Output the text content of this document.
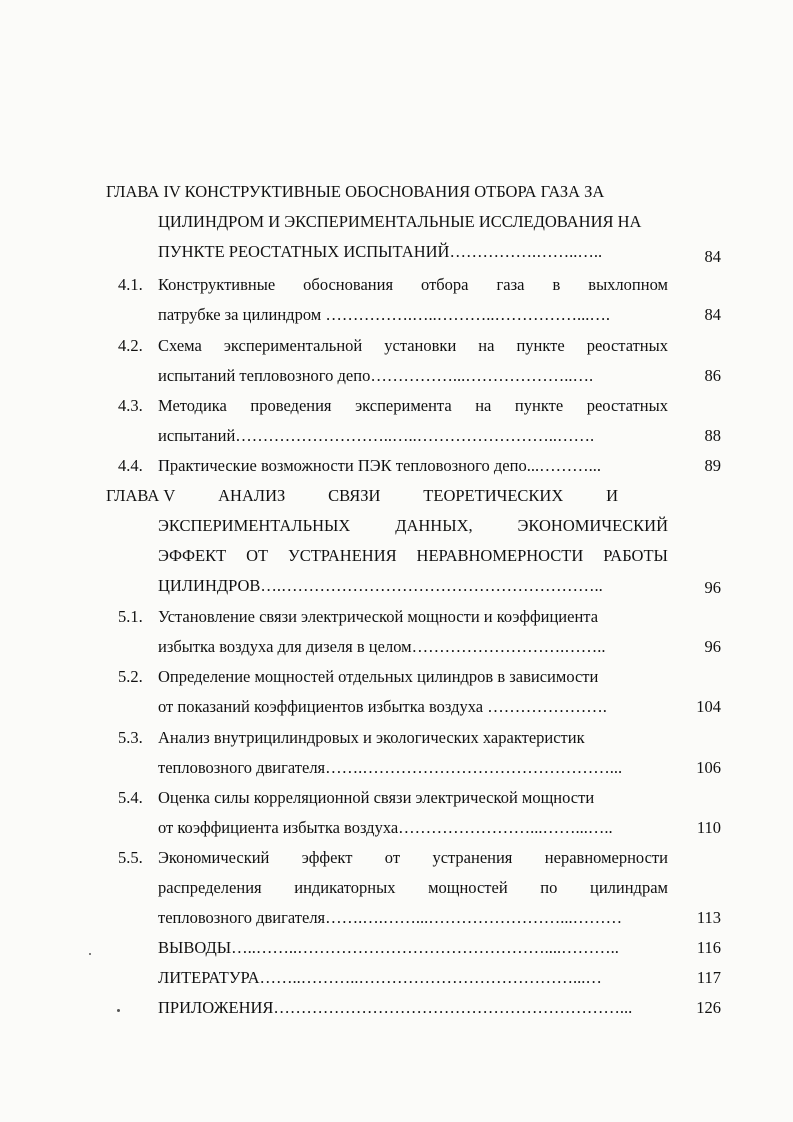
ГЛАВА IV КОНСТРУКТИВНЫЕ ОБОСНОВАНИЯ ОТБОРА ГАЗА ЗА
ЦИЛИНДРОМ И ЭКСПЕРИМЕНТАЛЬНЫЕ ИССЛЕДОВАНИЯ НА
ПУНКТЕ РЕОСТАТНЫХ ИСПЫТАНИЙ…………….……..…..	84
4.1. Конструктивные обоснования отбора газа в выхлопном
патрубке за цилиндром …………….…..………..……………...….	84
4.2. Схема экспериментальной установки на пункте реостатных
испытаний тепловозного депо……………...………………..….	86
4.3. Методика проведения эксперимента на пункте реостатных
испытаний………………………..…..……………………..…….	88
4.4. Практические возможности ПЭК тепловозного депо...………...	89
ГЛАВА V	АНАЛИЗ	СВЯЗИ	ТЕОРЕТИЧЕСКИХ	И
ЭКСПЕРИМЕНТАЛЬНЫХ	ДАННЫХ,	ЭКОНОМИЧЕСКИЙ
ЭФФЕКТ ОТ УСТРАНЕНИЯ НЕРАВНОМЕРНОСТИ РАБОТЫ
ЦИЛИНДРОВ….…………………………………………………..	96
5.1. Установление связи электрической мощности и коэффициента
избытка воздуха для дизеля в целом……………………….……..	96
5.2. Определение мощностей отдельных цилиндров в зависимости
от показаний коэффициентов избытка воздуха ………………….	104
5.3. Анализ внутрицилиндровых и экологических характеристик
тепловозного двигателя…….………………………………………...	106
5.4. Оценка силы корреляционной связи электрической мощности
от коэффициента избытка воздуха……………………...……...…..	110
5.5. Экономический эффект от устранения неравномерности
распределения индикаторных мощностей по цилиндрам
тепловозного двигателя…….….……...……………………...………	113
ВЫВОДЫ…..……..………………………………………....………..	116
ЛИТЕРАТУРА……..………..…………………………………...…	117
ПРИЛОЖЕНИЯ………………………………………………………...	126
